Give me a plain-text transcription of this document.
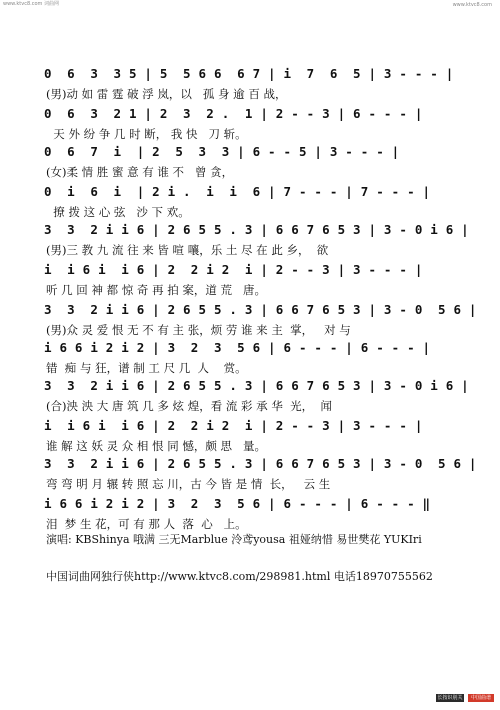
www.ktvc8.com 词曲网	www.ktvc8.com
0  6  3  3 5 | 5  5 6 6  6 7 | i  7  6  5 | 3 - - - |
(男)动 如 雷 霆 破 浮 岚，以   孤 身 逾 百 战，
0  6  3  2 1 | 2  3  2 .  1 | 2 - - 3 | 6 - - - |
天 外 纷 争 几 时 断， 我 快   刀 斩。
0  6  7  i  | 2  5  3  3 | 6 - - 5 | 3 - - - |
(女)柔 情 胜 蜜 意 有 谁 不   曾 贪，
0  i  6  i  | 2 i .  i  i  6 | 7 - - - | 7 - - - |
撩 拨 这 心 弦   沙 下 欢。
3  3  2 i i 6 | 2 6 5 5 . 3 | 6 6 7 6 5 3 | 3 - 0 i 6 |
(男)三 教 九 流 往 来 皆 喧 嚷，乐 土 尽 在 此 乡，  欲
i  i 6 i  i 6 | 2  2 i 2  i | 2 - - 3 | 3 - - - |
听 几 回 神 都 惊 奇 再 拍 案，道 荒   唐。
3  3  2 i i 6 | 2 6 5 5 . 3 | 6 6 7 6 5 3 | 3 - 0  5 6 |
(男)众 灵 爱 恨 无 不 有 主 张，烦 劳 谁 来 主  掌，   对 与
i 6 6 i 2 i 2 | 3  2  3  5 6 | 6 - - - | 6 - - - |
错  痴 与 狂，谱 制 工 尺 几  人    赏。
3  3  2 i i 6 | 2 6 5 5 . 3 | 6 6 7 6 5 3 | 3 - 0 i 6 |
(合)泱 泱 大 唐 筑 几 多 炫 煌，看 流 彩 承 华  光，  闻
i  i 6 i  i 6 | 2  2 i 2  i | 2 - - 3 | 3 - - - |
谁 解 这 妖 灵 众 相 恨 同 憾，颇 思   量。
3  3  2 i i 6 | 2 6 5 5 . 3 | 6 6 7 6 5 3 | 3 - 0  5 6 |
弯 弯 明 月 辗 转 照 忘 川，古 今 皆 是 情  长，   云 生
i 6 6 i 2 i 2 | 3  2  3  5 6 | 6 - - - | 6 - - - ‖
泪  梦 生 花，可 有 那 人  落  心   上。
演唱: KBShinya 哦满 三无Marblue 泠鸢yousa 祖娅纳惜 易世樊花 YUKIri
中国词曲网独行侠http://www.ktvc8.com/298981.html 电话18970755562
长按识别关注
中国曲谱
